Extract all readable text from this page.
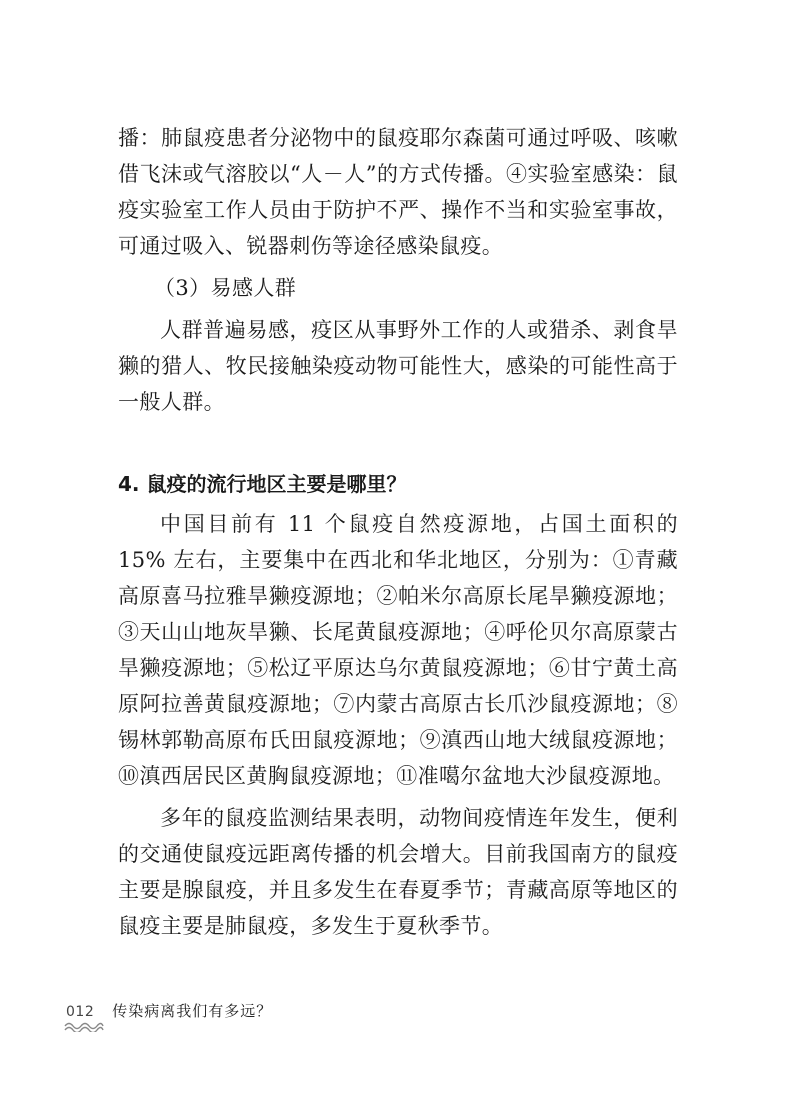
播：肺鼠疫患者分泌物中的鼠疫耶尔森菌可通过呼吸、咳嗽借飞沫或气溶胶以“人－人”的方式传播。④实验室感染：鼠疫实验室工作人员由于防护不严、操作不当和实验室事故，可通过吸入、锐器刺伤等途径感染鼠疫。

（3）易感人群

人群普遍易感，疫区从事野外工作的人或猎杀、剥食旱獭的猎人、牧民接触染疫动物可能性大，感染的可能性高于一般人群。

4. 鼠疫的流行地区主要是哪里？

中国目前有 11 个鼠疫自然疫源地，占国土面积的 15% 左右，主要集中在西北和华北地区，分别为：①青藏高原喜马拉雅旱獭疫源地；②帕米尔高原长尾旱獭疫源地；③天山山地灰旱獭、长尾黄鼠疫源地；④呼伦贝尔高原蒙古旱獭疫源地；⑤松辽平原达乌尔黄鼠疫源地；⑥甘宁黄土高原阿拉善黄鼠疫源地；⑦内蒙古高原古长爪沙鼠疫源地；⑧锡林郭勒高原布氏田鼠疫源地；⑨滇西山地大绒鼠疫源地；⑩滇西居民区黄胸鼠疫源地；⑪准噶尔盆地大沙鼠疫源地。

多年的鼠疫监测结果表明，动物间疫情连年发生，便利的交通使鼠疫远距离传播的机会增大。目前我国南方的鼠疫主要是腺鼠疫，并且多发生在春夏季节；青藏高原等地区的鼠疫主要是肺鼠疫，多发生于夏秋季节。

012 传染病离我们有多远？
